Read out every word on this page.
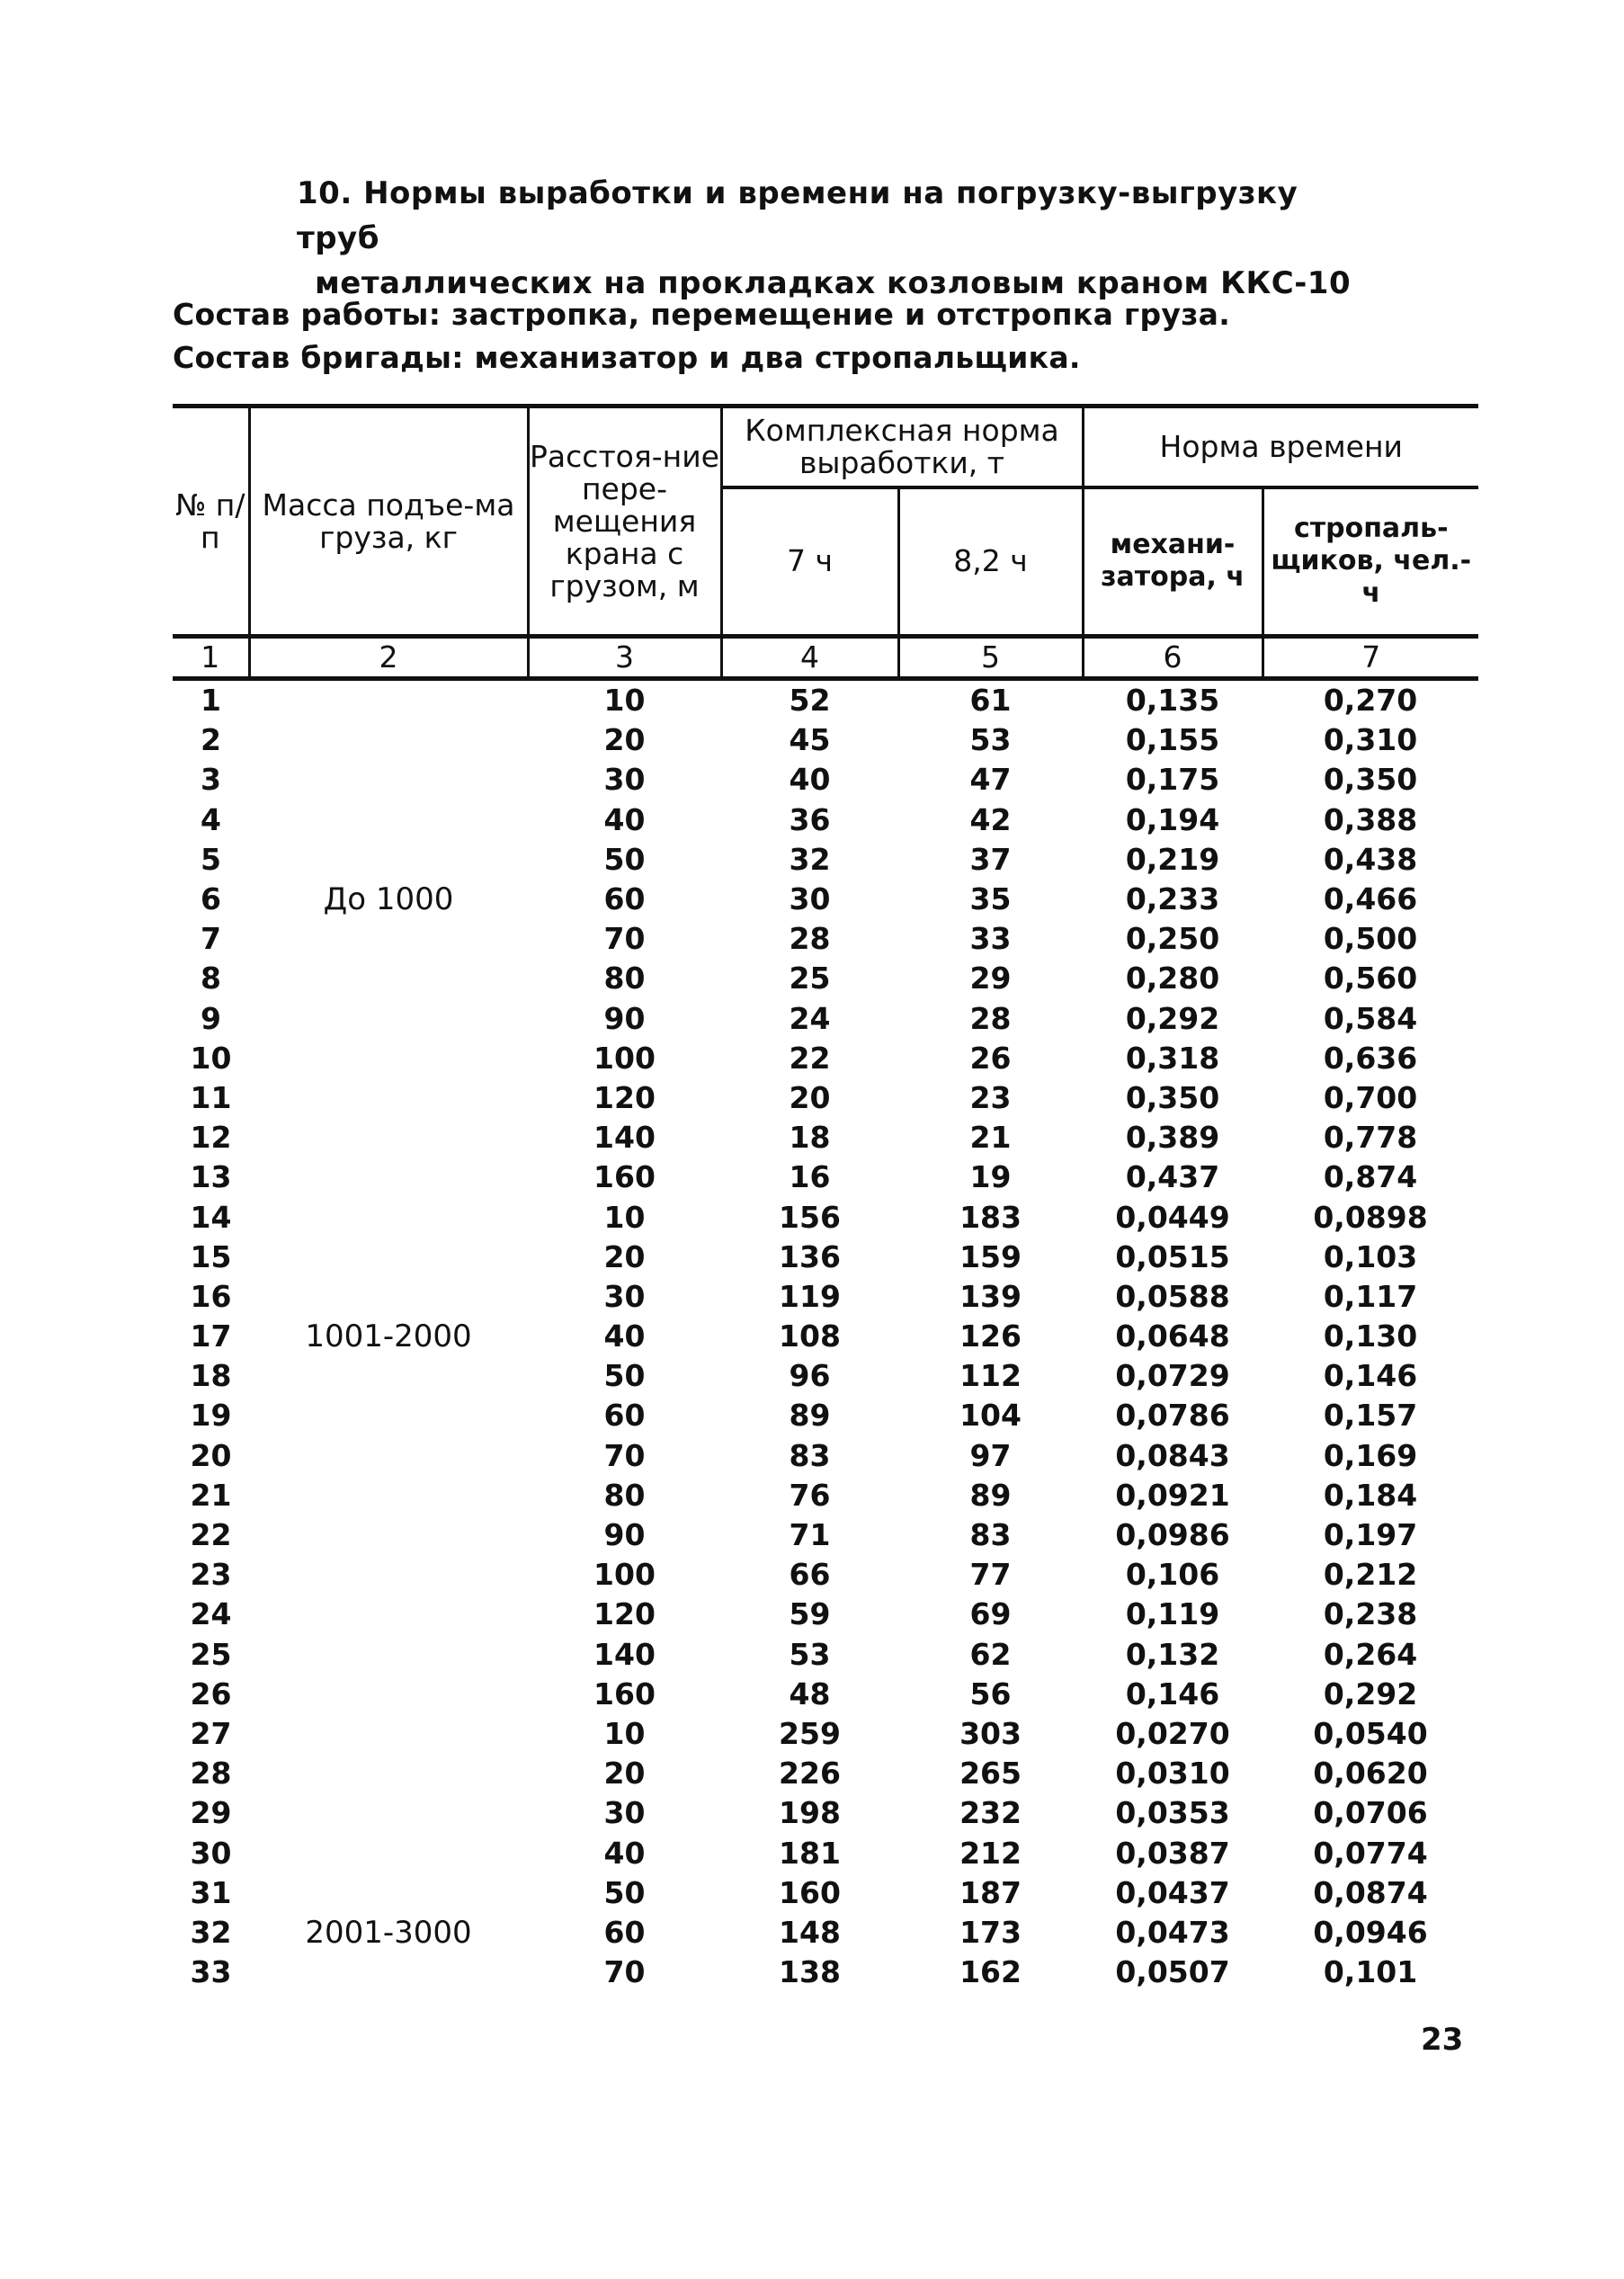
10. Нормы выработки и времени на погрузку-выгрузку труб
металлических на прокладках козловым краном ККС-10
Состав работы: застропка, перемещение и отстропка груза.
Состав бригады: механизатор и два стропальщика.
№ п/п	Масса подъе-ма груза, кг	Расстоя-ние пере-мещения крана с грузом, м	Комплексная норма выработки, т		Норма времени	
			7 ч	8,2 ч	механи-затора, ч	стропаль-щиков, чел.-ч
1	2	3	4	5	6	7
1		10	52	61	0,135	0,270
2		20	45	53	0,155	0,310
3		30	40	47	0,175	0,350
4		40	36	42	0,194	0,388
5		50	32	37	0,219	0,438
6	До 1000	60	30	35	0,233	0,466
7		70	28	33	0,250	0,500
8		80	25	29	0,280	0,560
9		90	24	28	0,292	0,584
10		100	22	26	0,318	0,636
11		120	20	23	0,350	0,700
12		140	18	21	0,389	0,778
13		160	16	19	0,437	0,874
14		10	156	183	0,0449	0,0898
15		20	136	159	0,0515	0,103
16		30	119	139	0,0588	0,117
17	1001-2000	40	108	126	0,0648	0,130
18		50	96	112	0,0729	0,146
19		60	89	104	0,0786	0,157
20		70	83	97	0,0843	0,169
21		80	76	89	0,0921	0,184
22		90	71	83	0,0986	0,197
23		100	66	77	0,106	0,212
24		120	59	69	0,119	0,238
25		140	53	62	0,132	0,264
26		160	48	56	0,146	0,292
27		10	259	303	0,0270	0,0540
28		20	226	265	0,0310	0,0620
29		30	198	232	0,0353	0,0706
30		40	181	212	0,0387	0,0774
31		50	160	187	0,0437	0,0874
32	2001-3000	60	148	173	0,0473	0,0946
33		70	138	162	0,0507	0,101
23
